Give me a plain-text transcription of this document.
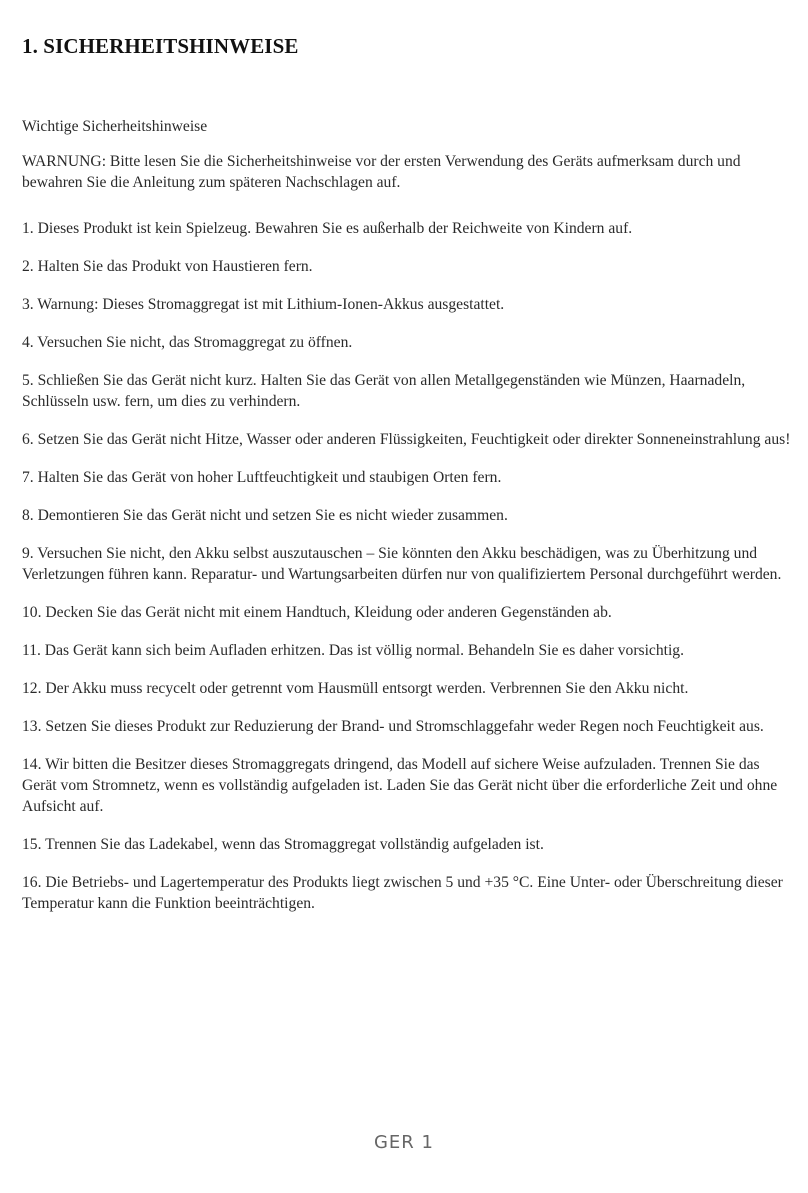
1. SICHERHEITSHINWEISE

Wichtige Sicherheitshinweise

WARNUNG: Bitte lesen Sie die Sicherheitshinweise vor der ersten Verwendung des Geräts aufmerksam durch und bewahren Sie die Anleitung zum späteren Nachschlagen auf.

1. Dieses Produkt ist kein Spielzeug. Bewahren Sie es außerhalb der Reichweite von Kindern auf.

2. Halten Sie das Produkt von Haustieren fern.

3. Warnung: Dieses Stromaggregat ist mit Lithium-Ionen-Akkus ausgestattet.

4. Versuchen Sie nicht, das Stromaggregat zu öffnen.

5. Schließen Sie das Gerät nicht kurz. Halten Sie das Gerät von allen Metallgegenständen wie Münzen, Haarnadeln, Schlüsseln usw. fern, um dies zu verhindern.

6. Setzen Sie das Gerät nicht Hitze, Wasser oder anderen Flüssigkeiten, Feuchtigkeit oder direkter Sonneneinstrahlung aus!

7. Halten Sie das Gerät von hoher Luftfeuchtigkeit und staubigen Orten fern.

8. Demontieren Sie das Gerät nicht und setzen Sie es nicht wieder zusammen.

9. Versuchen Sie nicht, den Akku selbst auszutauschen – Sie könnten den Akku beschädigen, was zu Überhitzung und Verletzungen führen kann. Reparatur- und Wartungsarbeiten dürfen nur von qualifiziertem Personal durchgeführt werden.

10. Decken Sie das Gerät nicht mit einem Handtuch, Kleidung oder anderen Gegenständen ab.

11. Das Gerät kann sich beim Aufladen erhitzen. Das ist völlig normal. Behandeln Sie es daher vorsichtig.

12. Der Akku muss recycelt oder getrennt vom Hausmüll entsorgt werden. Verbrennen Sie den Akku nicht.

13. Setzen Sie dieses Produkt zur Reduzierung der Brand- und Stromschlaggefahr weder Regen noch Feuchtigkeit aus.

14. Wir bitten die Besitzer dieses Stromaggregats dringend, das Modell auf sichere Weise aufzuladen. Trennen Sie das Gerät vom Stromnetz, wenn es vollständig aufgeladen ist. Laden Sie das Gerät nicht über die erforderliche Zeit und ohne Aufsicht auf.

15. Trennen Sie das Ladekabel, wenn das Stromaggregat vollständig aufgeladen ist.

16. Die Betriebs- und Lagertemperatur des Produkts liegt zwischen 5 und +35 °C. Eine Unter- oder Überschreitung dieser Temperatur kann die Funktion beeinträchtigen.

GER 1
